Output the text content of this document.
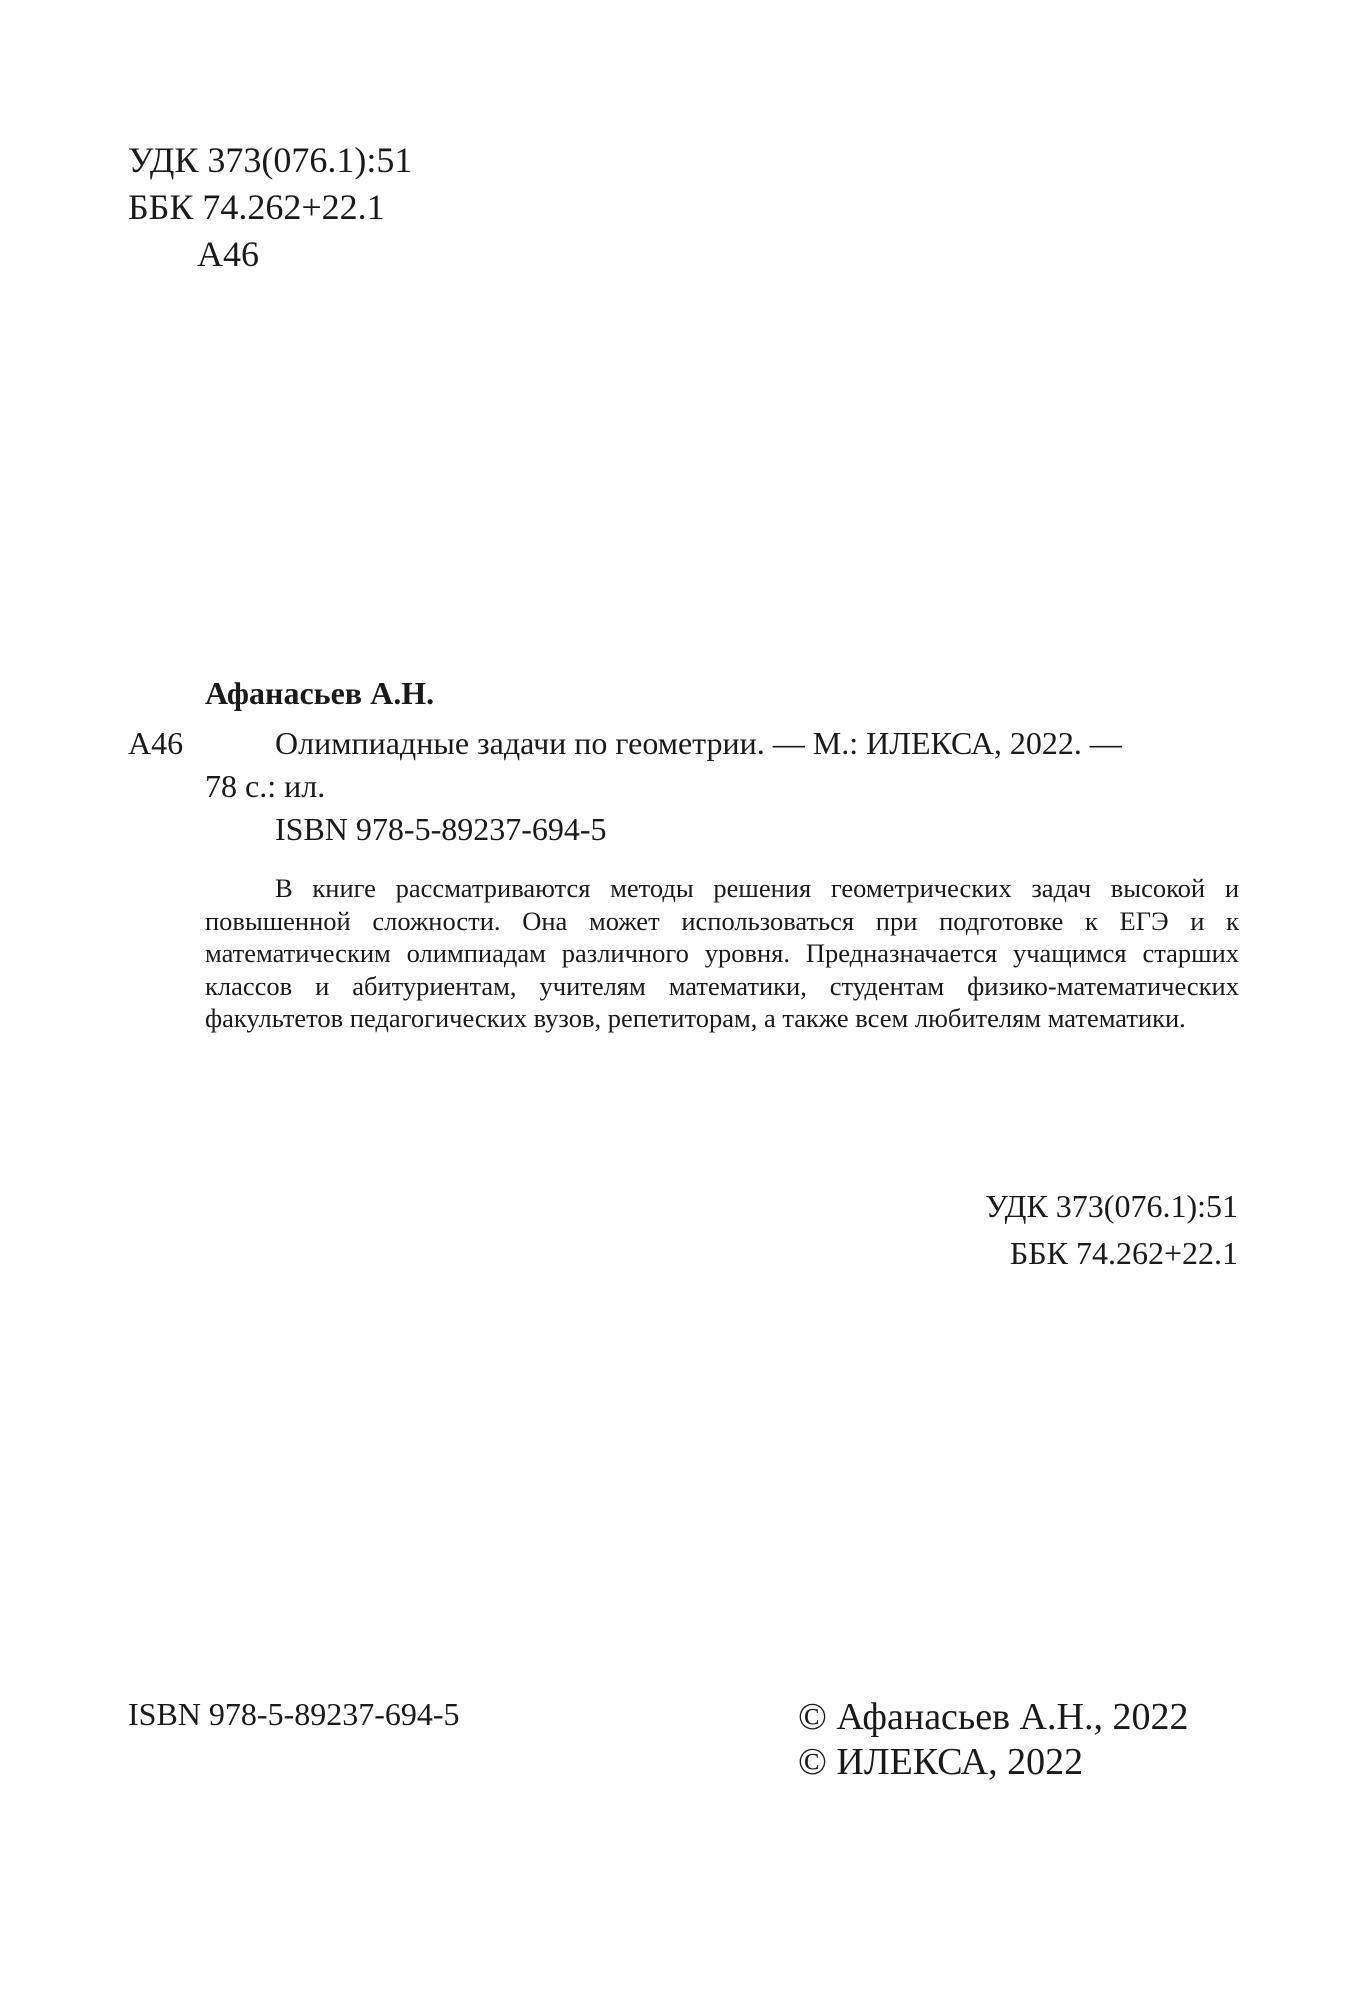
УДК 373(076.1):51
ББК 74.262+22.1
А46
Афанасьев А.Н.
А46	Олимпиадные задачи по геометрии. — М.: ИЛЕКСА, 2022. —
78 с.: ил.
ISBN 978-5-89237-694-5

В книге рассматриваются методы решения геометрических задач высокой и повышенной сложности. Она может использоваться при подготовке к ЕГЭ и к математическим олимпиадам различного уровня. Предназначается учащимся старших классов и абитуриентам, учителям математики, студентам физико-математических факультетов педагогических вузов, репетиторам, а также всем любителям математики.

УДК 373(076.1):51
ББК 74.262+22.1
ISBN 978-5-89237-694-5	© Афанасьев А.Н., 2022
© ИЛЕКСА, 2022
